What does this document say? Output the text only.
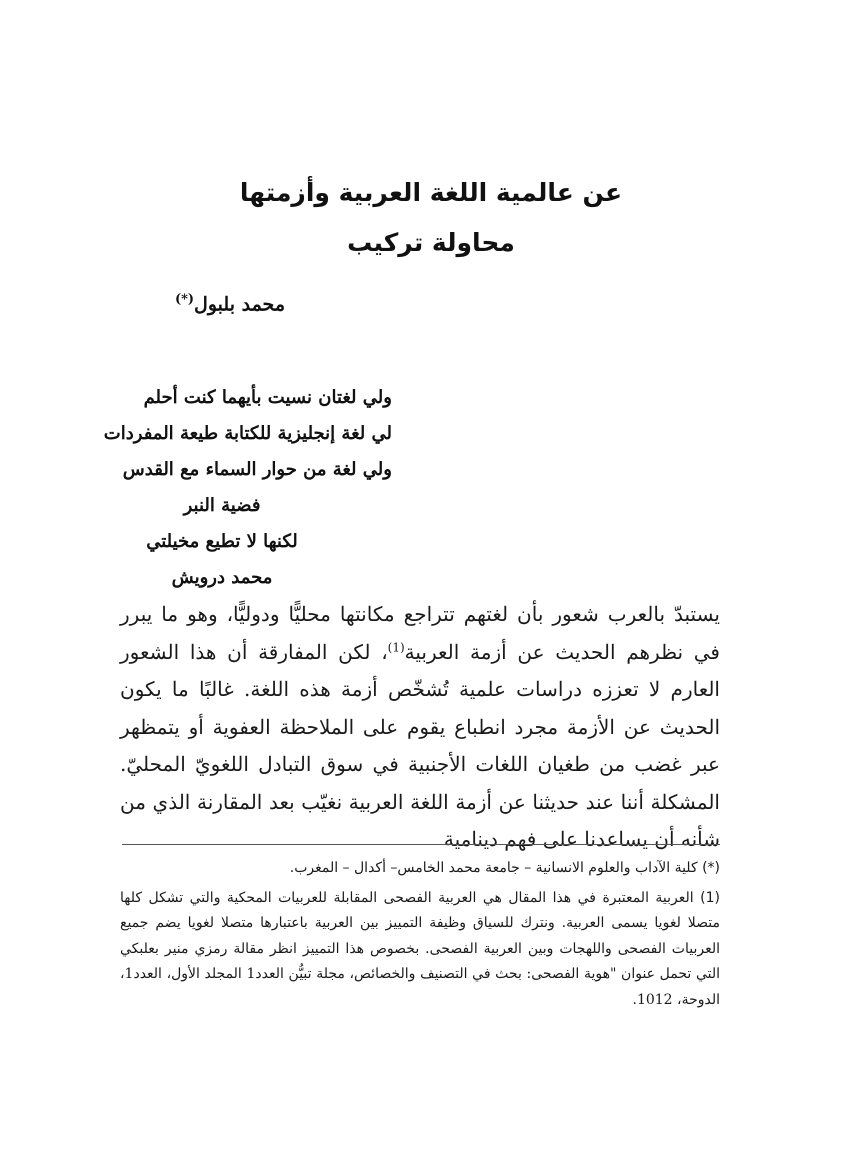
عن عالمية اللغة العربية وأزمتها
محاولة تركيب
محمد بلبول(*)
ولي لغتان نسيت بأيهما كنت أحلم
لي لغة إنجليزية للكتابة طيعة المفردات
ولي لغة من حوار السماء مع القدس
فضية النبر
لكنها لا تطيع مخيلتي
محمد درويش

يستبدّ بالعرب شعور بأن لغتهم تتراجع مكانتها محليًّا ودوليًّا، وهو ما يبرر في نظرهم الحديث عن أزمة العربية$^{(1)}$، لكن المفارقة أن هذا الشعور العارم لا تعززه دراسات علمية تُشخّص أزمة هذه اللغة. غالبًا ما يكون الحديث عن الأزمة مجرد انطباع يقوم على الملاحظة العفوية أو يتمظهر عبر غضب من طغيان اللغات الأجنبية في سوق التبادل اللغويّ المحليّ. المشكلة أننا عند حديثنا عن أزمة اللغة العربية نغيّب بعد المقارنة الذي من شأنه أن يساعدنا على فهم دينامية

(*) كلية الآداب والعلوم الانسانية – جامعة محمد الخامس– أكدال – المغرب.

(1) العربية المعتبرة في هذا المقال هي العربية الفصحى المقابلة للعربيات المحكية والتي تشكل كلها متصلا لغويا يسمى العربية. ونترك للسياق وظيفة التمييز بين العربية باعتبارها متصلا لغويا يضم جميع العربيات الفصحى واللهجات وبين العربية الفصحى. بخصوص هذا التمييز انظر مقالة رمزي منير بعلبكي التي تحمل عنوان "هوية الفصحى: بحث في التصنيف والخصائص، مجلة تبيُّن العدد1 المجلد الأول، العدد1، الدوحة، 1012.
